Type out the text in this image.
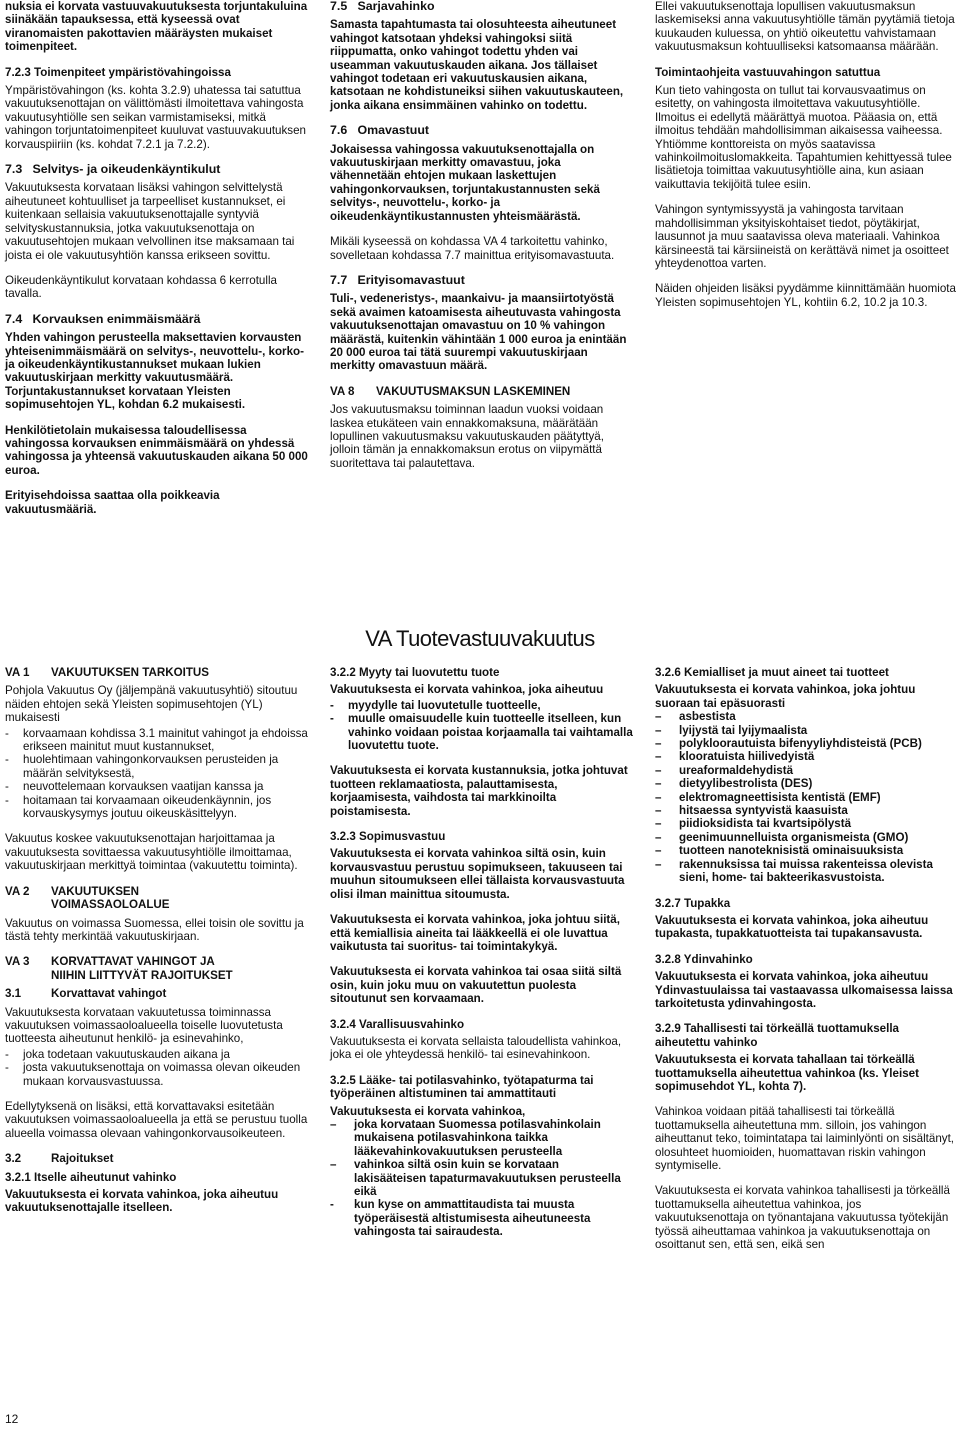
nuksia ei korvata vastuuvakuutuksesta torjuntakuluina siinäkään tapauksessa, että kyseessä ovat viranomaisten pakottavien määräysten mukaiset toimenpiteet.

7.2.3 Toimenpiteet ympäristövahingoissa

Ympäristövahingon (ks. kohta 3.2.9) uhatessa tai satuttua vakuutuksenottajan on välittömästi ilmoitettava vahingosta vakuutusyhtiölle sen seikan varmistamiseksi, mitkä vahingon torjuntatoimenpiteet kuuluvat vastuuvakuutuksen korvauspiiriin (ks. kohdat 7.2.1 ja 7.2.2).

7.3 Selvitys- ja oikeudenkäyntikulut

Vakuutuksesta korvataan lisäksi vahingon selvittelystä aiheutuneet kohtuulliset ja tarpeelliset kustannukset, ei kuitenkaan sellaisia vakuutuksenottajalle syntyviä selvityskustannuksia, jotka vakuutuksenottaja on vakuutusehtojen mukaan velvollinen itse maksamaan tai joista ei ole vakuutusyhtiön kanssa erikseen sovittu.

Oikeudenkäyntikulut korvataan kohdassa 6 kerrotulla tavalla.

7.4 Korvauksen enimmäismäärä

Yhden vahingon perusteella maksettavien korvausten yhteisenimmäismäärä on selvitys-, neuvottelu-, korko- ja oikeudenkäyntikustannukset mukaan lukien vakuutuskirjaan merkitty vakuutusmäärä. Torjuntakustannukset korvataan Yleisten sopimusehtojen YL, kohdan 6.2 mukaisesti.

Henkilötietolain mukaisessa taloudellisessa vahingossa korvauksen enimmäismäärä on yhdessä vahingossa ja yhteensä vakuutuskauden aikana 50 000 euroa.

Erityisehdoissa saattaa olla poikkeavia vakuutusmääriä.

7.5 Sarjavahinko

Samasta tapahtumasta tai olosuhteesta aiheutuneet vahingot katsotaan yhdeksi vahingoksi siitä riippumatta, onko vahingot todettu yhden vai useamman vakuutuskauden aikana. Jos tällaiset vahingot todetaan eri vakuutuskausien aikana, katsotaan ne kohdistuneiksi siihen vakuutuskauteen, jonka aikana ensimmäinen vahinko on todettu.

7.6 Omavastuut

Jokaisessa vahingossa vakuutuksenottajalla on vakuutuskirjaan merkitty omavastuu, joka vähennetään ehtojen mukaan laskettujen vahingonkorvauksen, torjuntakustannusten sekä selvitys-, neuvottelu-, korko- ja oikeudenkäyntikustannusten yhteismäärästä.

Mikäli kyseessä on kohdassa VA 4 tarkoitettu vahinko, sovelletaan kohdassa 7.7 mainittua erityisomavastuuta.

7.7 Erityisomavastuut

Tuli-, vedeneristys-, maankaivu- ja maansiirtotyöstä sekä avaimen katoamisesta aiheutuvasta vahingosta vakuutuksenottajan omavastuu on 10 % vahingon määrästä, kuitenkin vähintään 1 000 euroa ja enintään 20 000 euroa tai tätä suurempi vakuutuskirjaan merkitty omavastuun määrä.

VA 8 VAKUUTUSMAKSUN LASKEMINEN

Jos vakuutusmaksu toiminnan laadun vuoksi voidaan laskea etukäteen vain ennakkomaksuna, määrätään lopullinen vakuutusmaksu vakuutuskauden päätyttyä, jolloin tämän ja ennakkomaksun erotus on viipymättä suoritettava tai palautettava.

Ellei vakuutuksenottaja lopullisen vakuutusmaksun laskemiseksi anna vakuutusyhtiölle tämän pyytämiä tietoja kuukauden kuluessa, on yhtiö oikeutettu vahvistamaan vakuutusmaksun kohtuulliseksi katsomaansa määrään.

Toimintaohjeita vastuuvahingon satuttua

Kun tieto vahingosta on tullut tai korvausvaatimus on esitetty, on vahingosta ilmoitettava vakuutusyhtiölle. Ilmoitus ei edellytä määrättyä muotoa. Pääasia on, että ilmoitus tehdään mahdollisimman aikaisessa vaiheessa. Yhtiömme konttoreista on myös saatavissa vahinkoilmoituslomakkeita. Tapahtumien kehittyessä tulee lisätietoja toimittaa vakuutusyhtiölle aina, kun asiaan vaikuttavia tekijöitä tulee esiin.

Vahingon syntymissyystä ja vahingosta tarvitaan mahdollisimman yksityiskohtaiset tiedot, pöytäkirjat, lausunnot ja muu saatavissa oleva materiaali. Vahinkoa kärsineestä tai kärsiineistä on kerättävä nimet ja osoitteet yhteydenottoa varten.

Näiden ohjeiden lisäksi pyydämme kiinnittämään huomiota Yleisten sopimusehtojen YL, kohtiin 6.2, 10.2 ja 10.3.

VA Tuotevastuuvakuutus
VA 1	VAKUUTUKSEN TARKOITUS

Pohjola Vakuutus Oy (jäljempänä vakuutusyhtiö) sitoutuu näiden ehtojen sekä Yleisten sopimusehtojen (YL) mukaisesti

- korvaamaan kohdissa 3.1 mainitut vahingot ja ehdoissa erikseen mainitut muut kustannukset,
- huolehtimaan vahingonkorvauksen perusteiden ja määrän selvityksestä,
- neuvottelemaan korvauksen vaatijan kanssa ja
- hoitamaan tai korvaamaan oikeudenkäynnin, jos korvauskysymys joutuu oikeuskäsittelyyn.

Vakuutus koskee vakuutuksenottajan harjoittamaa ja vakuutuksesta sovittaessa vakuutusyhtiölle ilmoittamaa, vakuutuskirjaan merkittyä toimintaa (vakuutettu toiminta).

VA 2	VAKUUTUKSEN
VOIMASSAOLOALUE

Vakuutus on voimassa Suomessa, ellei toisin ole sovittu ja tästä tehty merkintää vakuutuskirjaan.

VA 3	KORVATTAVAT VAHINGOT JA
NIIHIN LIITTYVÄT RAJOITUKSET
3.1	Korvattavat vahingot

Vakuutuksesta korvataan vakuutetussa toiminnassa vakuutuksen voimassaoloalueella toiselle luovutetusta tuotteesta aiheutunut henkilö- ja esinevahinko,

- joka todetaan vakuutuskauden aikana ja
- josta vakuutuksenottaja on voimassa olevan oikeuden mukaan korvausvastuussa.

Edellytyksenä on lisäksi, että korvattavaksi esitetään vakuutuksen voimassaoloalueella ja että se perustuu tuolla alueella voimassa olevaan vahingonkorvausoikeuteen.

3.2	Rajoitukset
3.2.1 Itselle aiheutunut vahinko

Vakuutuksesta ei korvata vahinkoa, joka aiheutuu vakuutuksenottajalle itselleen.

3.2.2 Myyty tai luovutettu tuote

Vakuutuksesta ei korvata vahinkoa, joka aiheutuu

- myydylle tai luovutetulle tuotteelle,
- muulle omaisuudelle kuin tuotteelle itselleen, kun vahinko voidaan poistaa korjaamalla tai vaihtamalla luovutettu tuote.

Vakuutuksesta ei korvata kustannuksia, jotka johtuvat tuotteen reklamaatiosta, palauttamisesta, korjaamisesta, vaihdosta tai markkinoilta poistamisesta.

3.2.3 Sopimusvastuu

Vakuutuksesta ei korvata vahinkoa siltä osin, kuin korvausvastuu perustuu sopimukseen, takuuseen tai muuhun sitoumukseen ellei tällaista korvausvastuuta olisi ilman mainittua sitoumusta.

Vakuutuksesta ei korvata vahinkoa, joka johtuu siitä, että kemiallisia aineita tai lääkkeellä ei ole luvattua vaikutusta tai suoritus- tai toimintakykyä.

Vakuutuksesta ei korvata vahinkoa tai osaa siitä siltä osin, kuin joku muu on vakuutettun puolesta sitoutunut sen korvaamaan.

3.2.4 Varallisuusvahinko

Vakuutuksesta ei korvata sellaista taloudellista vahinkoa, joka ei ole yhteydessä henkilö- tai esinevahinkoon.

3.2.5 Lääke- tai potilasvahinko, työtapaturma tai työperäinen altistuminen tai ammattitauti

Vakuutuksesta ei korvata vahinkoa,

– joka korvataan Suomessa potilasvahinkolain mukaisena potilasvahinkona taikka lääkevahinkovakuutuksen perusteella
– vahinkoa siltä osin kuin se korvataan lakisääteisen tapaturmavakuutuksen perusteella eikä
- kun kyse on ammattitaudista tai muusta työperäisestä altistumisesta aiheutuneesta vahingosta tai sairaudesta.
3.2.6 Kemialliset ja muut aineet tai tuotteet

Vakuutuksesta ei korvata vahinkoa, joka johtuu suoraan tai epäsuorasti

– asbestista
– lyijystä tai lyijymaalista
– polykloorautuista bifenyyliyhdisteistä (PCB)
– klooratuista hiilivedyistä
– ureaformaldehydistä
– dietyylibestrolista (DES)
– elektromagneettisista kentistä (EMF)
– hitsaessa syntyvistä kaasuista
– piidioksidista tai kvartsipölystä
– geenimuunnelluista organismeista (GMO)
– tuotteen nanoteknisistä ominaisuuksista
– rakennuksissa tai muissa rakenteissa olevista sieni, home- tai bakteerikasvustoista.
3.2.7 Tupakka

Vakuutuksesta ei korvata vahinkoa, joka aiheutuu tupakasta, tupakkatuotteista tai tupakansavusta.

3.2.8 Ydinvahinko

Vakuutuksesta ei korvata vahinkoa, joka aiheutuu Ydinvastuulaissa tai vastaavassa ulkomaisessa laissa tarkoitetusta ydinvahingosta.

3.2.9 Tahallisesti tai törkeällä tuottamuksella aiheutettu vahinko

Vakuutuksesta ei korvata tahallaan tai törkeällä tuottamuksella aiheutettua vahinkoa (ks. Yleiset sopimusehdot YL, kohta 7).

Vahinkoa voidaan pitää tahallisesti tai törkeällä tuottamuksella aiheutettuna mm. silloin, jos vahingon aiheuttanut teko, toimintatapa tai laiminlyönti on sisältänyt, olosuhteet huomioiden, huomattavan riskin vahingon syntymiselle.

Vakuutuksesta ei korvata vahinkoa tahallisesti ja törkeällä tuottamuksella aiheutettua vahinkoa, jos vakuutuksenottaja on työnantajana vakuutussa työtekijän työssä aiheuttamaa vahinkoa ja vakuutuksenottaja on osoittanut sen, että sen, eikä sen

12
